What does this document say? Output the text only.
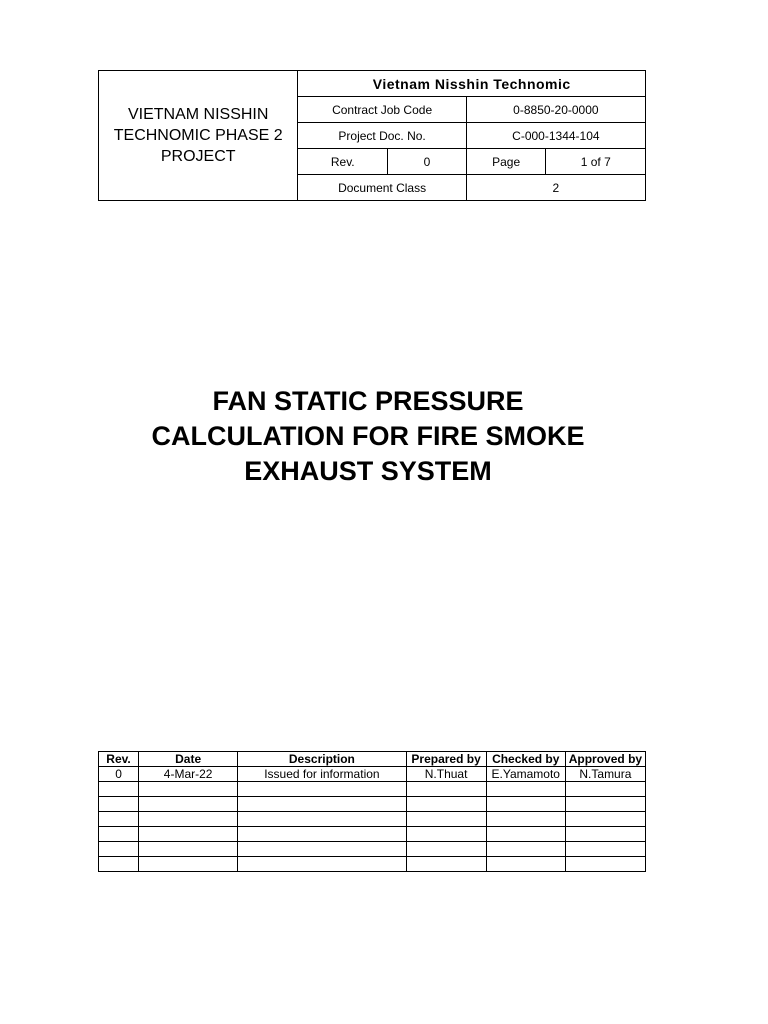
VIETNAM NISSHIN
TECHNOMIC PHASE 2
PROJECT	Vietnam Nisshin Technomic			
	Contract Job Code		0-8850-20-0000	
	Project Doc. No.		C-000-1344-104	
	Rev.	0	Page	1 of 7
	Document Class		2	
FAN STATIC PRESSURE
CALCULATION FOR FIRE SMOKE
EXHAUST SYSTEM
Rev.	Date	Description	Prepared by	Checked by	Approved by
0	4-Mar-22	Issued for information	N.Thuat	E.Yamamoto	N.Tamura
